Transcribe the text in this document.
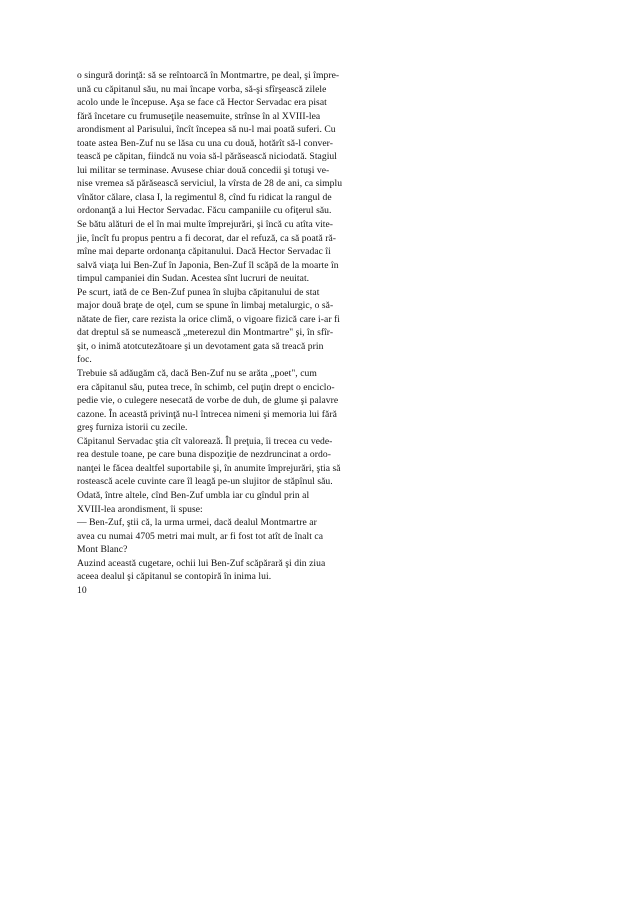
o singură dorinţă: să se reîntoarcă în Montmartre, pe deal, şi împre-
ună cu căpitanul său, nu mai încape vorba, să-şi sfîrşească zilele
acolo unde le începuse. Aşa se face că Hector Servadac era pisat
fără încetare cu frumuseţile neasemuite, strînse în al XVIII-lea
arondisment al Parisului, încît începea să nu-l mai poată suferi. Cu
toate astea Ben-Zuf nu se lăsa cu una cu două, hotărît să-l conver-
tească pe căpitan, fiindcă nu voia să-l părăsească niciodată. Stagiul
lui militar se terminase. Avusese chiar două concedii şi totuşi ve-
nise vremea să părăsească serviciul, la vîrsta de 28 de ani, ca simplu
vînător călare, clasa I, la regimentul 8, cînd fu ridicat la rangul de
ordonanţă a lui Hector Servadac. Făcu campaniile cu ofiţerul său.
Se bătu alături de el în mai multe împrejurări, şi încă cu atîta vite-
jie, încît fu propus pentru a fi decorat, dar el refuză, ca să poată ră-
mîne mai departe ordonanţa căpitanului. Dacă Hector Servadac îi
salvă viaţa lui Ben-Zuf în Japonia, Ben-Zuf îl scăpă de la moarte în
timpul campaniei din Sudan. Acestea sînt lucruri de neuitat.
Pe scurt, iată de ce Ben-Zuf punea în slujba căpitanului de stat
major două braţe de oţel, cum se spune în limbaj metalurgic, o să-
nătate de fier, care rezista la orice climă, o vigoare fizică care i-ar fi
dat dreptul să se numească „meterezul din Montmartre" şi, în sfîr-
şit, o inimă atotcutezătoare şi un devotament gata să treacă prin
foc.
Trebuie să adăugăm că, dacă Ben-Zuf nu se arăta „poet", cum
era căpitanul său, putea trece, în schimb, cel puţin drept o enciclo-
pedie vie, o culegere nesecată de vorbe de duh, de glume şi palavre
cazone. În această privinţă nu-l întrecea nimeni şi memoria lui fără
greş furniza istorii cu zecile.
Căpitanul Servadac ştia cît valorează. Îl preţuia, îi trecea cu vede-
rea destule toane, pe care buna dispoziţie de nezdruncinat a ordo-
nanţei le făcea dealtfel suportabile şi, în anumite împrejurări, ştia să
rostească acele cuvinte care îl leagă pe-un slujitor de stăpînul său.
Odată, între altele, cînd Ben-Zuf umbla iar cu gîndul prin al
XVIII-lea arondisment, îi spuse:
— Ben-Zuf, ştii că, la urma urmei, dacă dealul Montmartre ar
avea cu numai 4705 metri mai mult, ar fi fost tot atît de înalt ca
Mont Blanc?
Auzind această cugetare, ochii lui Ben-Zuf scăpărară şi din ziua
aceea dealul şi căpitanul se contopiră în inima lui.
10
